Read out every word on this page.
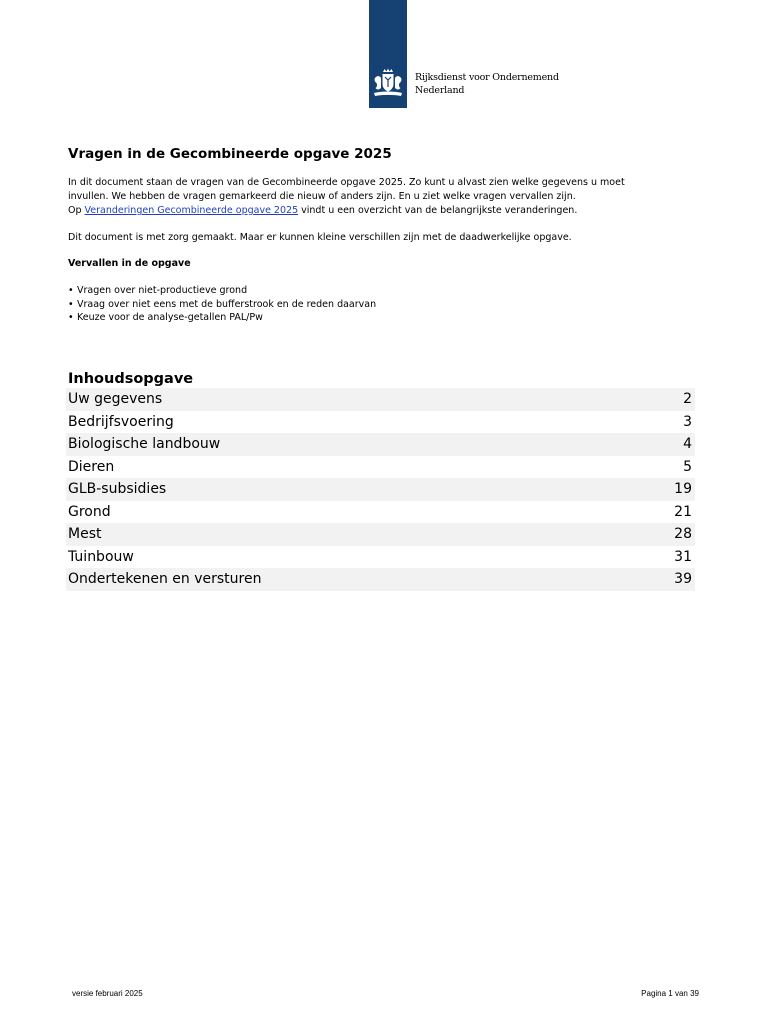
Rijksdienst voor Ondernemend
Nederland
Vragen in de Gecombineerde opgave 2025

In dit document staan de vragen van de Gecombineerde opgave 2025. Zo kunt u alvast zien welke gegevens u moet

invullen. We hebben de vragen gemarkeerd die nieuw of anders zijn. En u ziet welke vragen vervallen zijn.

Op Veranderingen Gecombineerde opgave 2025 vindt u een overzicht van de belangrijkste veranderingen.

Dit document is met zorg gemaakt. Maar er kunnen kleine verschillen zijn met de daadwerkelijke opgave.
Vervallen in de opgave
• Vragen over niet-productieve grond
• Vraag over niet eens met de bufferstrook en de reden daarvan
• Keuze voor de analyse-getallen PAL/Pw
Inhoudsopgave
Uw gegevens	2
Bedrijfsvoering	3
Biologische landbouw	4
Dieren	5
GLB-subsidies	19
Grond	21
Mest	28
Tuinbouw	31
Ondertekenen en versturen	39
versie februari 2025	Pagina 1 van 39
